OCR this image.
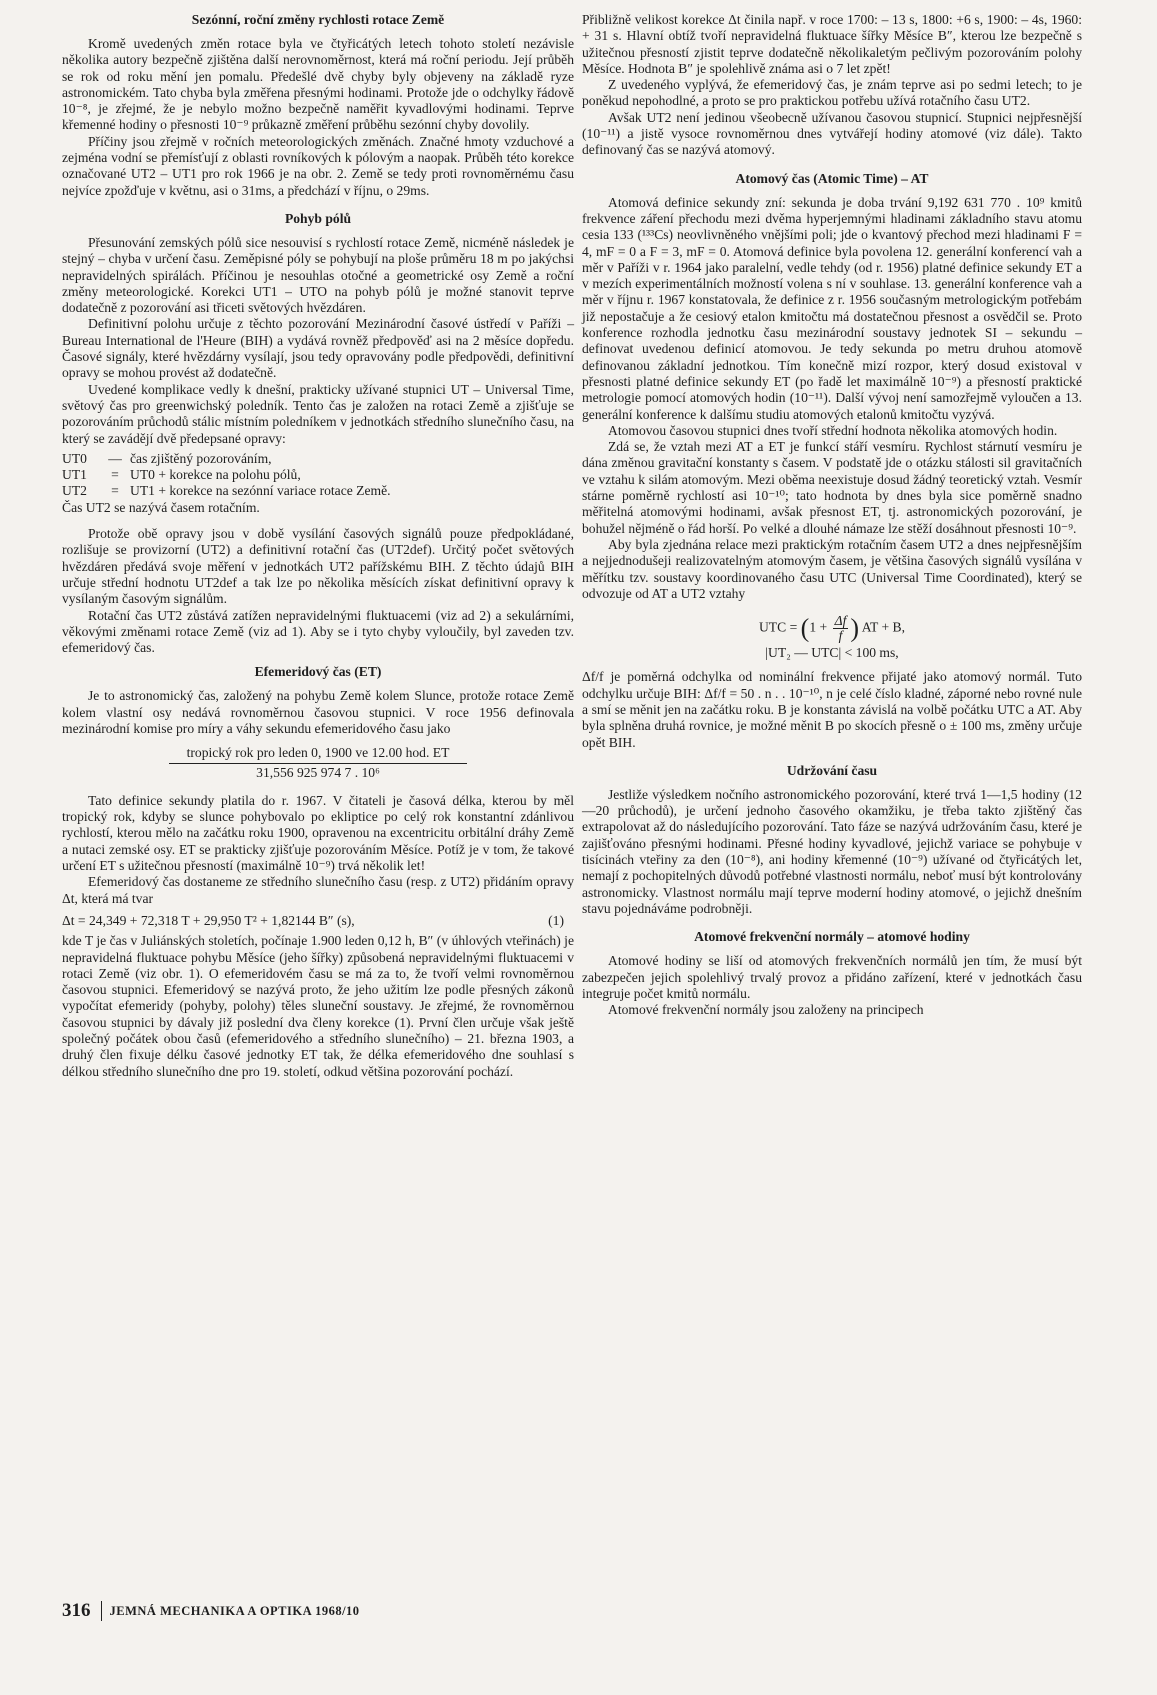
Sezónní, roční změny rychlosti rotace Země

Kromě uvedených změn rotace byla ve čtyřicátých letech tohoto století nezávisle několika autory bezpečně zjištěna další nerovnoměrnost, která má roční periodu. Její průběh se rok od roku mění jen pomalu. Předešlé dvě chyby byly objeveny na základě ryze astronomickém. Tato chyba byla změřena přesnými hodinami. Protože jde o odchylky řádově 10⁻⁸, je zřejmé, že je nebylo možno bezpečně naměřit kyvadlovými hodinami. Teprve křemenné hodiny o přesnosti 10⁻⁹ průkazně změření průběhu sezónní chyby dovolily.

Příčiny jsou zřejmě v ročních meteorologických změnách. Značné hmoty vzduchové a zejména vodní se přemísťují z oblasti rovníkových k pólovým a naopak. Průběh této korekce označované UT2 – UT1 pro rok 1966 je na obr. 2. Země se tedy proti rovnoměrnému času nejvíce zpožďuje v květnu, asi o 31ms, a předchází v říjnu, o 29ms.

Pohyb pólů

Přesunování zemských pólů sice nesouvisí s rychlostí rotace Země, nicméně následek je stejný – chyba v určení času. Zeměpisné póly se pohybují na ploše průměru 18 m po jakýchsi nepravidelných spirálách. Příčinou je nesouhlas otočné a geometrické osy Země a roční změny meteorologické. Korekci UT1 – UTO na pohyb pólů je možné stanovit teprve dodatečně z pozorování asi třiceti světových hvězdáren.

Definitivní polohu určuje z těchto pozorování Mezinárodní časové ústředí v Paříži – Bureau International de l'Heure (BIH) a vydává rovněž předpověď asi na 2 měsíce dopředu. Časové signály, které hvězdárny vysílají, jsou tedy opravovány podle předpovědi, definitivní opravy se mohou provést až dodatečně.

Uvedené komplikace vedly k dnešní, prakticky užívané stupnici UT – Universal Time, světový čas pro greenwichský poledník. Tento čas je založen na rotaci Země a zjišťuje se pozorováním průchodů stálic místním poledníkem v jednotkách středního slunečního času, na který se zavádějí dvě předepsané opravy:

UT0	— čas zjištěný pozorováním,
UT1	= UT0 + korekce na polohu pólů,
UT2	= UT1 + korekce na sezónní variace rotace Země.
Čas UT2 se nazývá časem rotačním.

Protože obě opravy jsou v době vysílání časových signálů pouze předpokládané, rozlišuje se provizorní (UT2) a definitivní rotační čas (UT2def). Určitý počet světových hvězdáren předává svoje měření v jednotkách UT2 pařížskému BIH. Z těchto údajů BIH určuje střední hodnotu UT2def a tak lze po několika měsících získat definitivní opravy k vysílaným časovým signálům.

Rotační čas UT2 zůstává zatížen nepravidelnými fluktuacemi (viz ad 2) a sekulárními, věkovými změnami rotace Země (viz ad 1). Aby se i tyto chyby vyloučily, byl zaveden tzv. efemeridový čas.

Efemeridový čas (ET)

Je to astronomický čas, založený na pohybu Země kolem Slunce, protože rotace Země kolem vlastní osy nedává rovnoměrnou časovou stupnici. V roce 1956 definovala mezinárodní komise pro míry a váhy sekundu efemeridového času jako

tropický rok pro leden 0, 1900 ve 12.00 hod. ET
31,556 925 974 7 . 10⁶

Tato definice sekundy platila do r. 1967. V čitateli je časová délka, kterou by měl tropický rok, kdyby se slunce pohybovalo po ekliptice po celý rok konstantní zdánlivou rychlostí, kterou mělo na začátku roku 1900, opravenou na excentricitu orbitální dráhy Země a nutaci zemské osy. ET se prakticky zjišťuje pozorováním Měsíce. Potíž je v tom, že takové určení ET s užitečnou přesností (maximálně 10⁻⁹) trvá několik let!

Efemeridový čas dostaneme ze středního slunečního času (resp. z UT2) přidáním opravy Δt, která má tvar

Δt = 24,349 + 72,318 T + 29,950 T² + 1,82144 B″ (s),	(1)

kde T je čas v Juliánských stoletích, počínaje 1.900 leden 0,12 h, B″ (v úhlových vteřinách) je nepravidelná fluktuace pohybu Měsíce (jeho šířky) způsobená nepravidelnými fluktuacemi v rotaci Země (viz obr. 1). O efemeridovém času se má za to, že tvoří velmi rovnoměrnou časovou stupnici. Efemeridový se nazývá proto, že jeho užitím lze podle přesných zákonů vypočítat efemeridy (pohyby, polohy) těles sluneční soustavy. Je zřejmé, že rovnoměrnou časovou stupnici by dávaly již poslední dva členy korekce (1). První člen určuje však ještě společný počátek obou časů (efemeridového a středního slunečního) – 21. března 1903, a druhý člen fixuje délku časové jednotky ET tak, že délka efemeridového dne souhlasí s délkou středního slunečního dne pro 19. století, odkud většina pozorování pochází.

Přibližně velikost korekce Δt činila např. v roce 1700: – 13 s, 1800: +6 s, 1900: – 4s, 1960: + 31 s. Hlavní obtíž tvoří nepravidelná fluktuace šířky Měsíce B″, kterou lze bezpečně s užitečnou přesností zjistit teprve dodatečně několikaletým pečlivým pozorováním polohy Měsíce. Hodnota B″ je spolehlivě známa asi o 7 let zpět!

Z uvedeného vyplývá, že efemeridový čas, je znám teprve asi po sedmi letech; to je poněkud nepohodlné, a proto se pro praktickou potřebu užívá rotačního času UT2.

Avšak UT2 není jedinou všeobecně užívanou časovou stupnicí. Stupnici nejpřesnější (10⁻¹¹) a jistě vysoce rovnoměrnou dnes vytvářejí hodiny atomové (viz dále). Takto definovaný čas se nazývá atomový.

Atomový čas (Atomic Time) – AT

Atomová definice sekundy zní: sekunda je doba trvání 9,192 631 770 . 10⁹ kmitů frekvence záření přechodu mezi dvěma hyperjemnými hladinami základního stavu atomu cesia 133 (¹³³Cs) neovlivněného vnějšími poli; jde o kvantový přechod mezi hladinami F = 4, mF = 0 a F = 3, mF = 0. Atomová definice byla povolena 12. generální konferencí vah a měr v Paříži v r. 1964 jako paralelní, vedle tehdy (od r. 1956) platné definice sekundy ET a v mezích experimentálních možností volena s ní v souhlase. 13. generální konference vah a měr v říjnu r. 1967 konstatovala, že definice z r. 1956 současným metrologickým potřebám již nepostačuje a že cesiový etalon kmitočtu má dostatečnou přesnost a osvědčil se. Proto konference rozhodla jednotku času mezinárodní soustavy jednotek SI – sekundu – definovat uvedenou definicí atomovou. Je tedy sekunda po metru druhou atomově definovanou základní jednotkou. Tím konečně mizí rozpor, který dosud existoval v přesnosti platné definice sekundy ET (po řadě let maximálně 10⁻⁹) a přesností praktické metrologie pomocí atomových hodin (10⁻¹¹). Další vývoj není samozřejmě vyloučen a 13. generální konference k dalšímu studiu atomových etalonů kmitočtu vyzývá.

Atomovou časovou stupnici dnes tvoří střední hodnota několika atomových hodin.

Zdá se, že vztah mezi AT a ET je funkcí stáří vesmíru. Rychlost stárnutí vesmíru je dána změnou gravitační konstanty s časem. V podstatě jde o otázku stálosti sil gravitačních ve vztahu k silám atomovým. Mezi oběma neexistuje dosud žádný teoretický vztah. Vesmír stárne poměrně rychlostí asi 10⁻¹⁰; tato hodnota by dnes byla sice poměrně snadno měřitelná atomovými hodinami, avšak přesnost ET, tj. astronomických pozorování, je bohužel nějméně o řád horší. Po velké a dlouhé námaze lze stěží dosáhnout přesnosti 10⁻⁹.

Aby byla zjednána relace mezi praktickým rotačním časem UT2 a dnes nejpřesnějším a nejjednodušeji realizovatelným atomovým časem, je většina časových signálů vysílána v měřítku tzv. soustavy koordinovaného času UTC (Universal Time Coordinated), který se odvozuje od AT a UT2 vztahy

UTC = ($1 + \frac{\Delta f}{f}$ ) AT + B,
|UT₂ — UTC| < 100 ms,

Δf/f je poměrná odchylka od nominální frekvence přijaté jako atomový normál. Tuto odchylku určuje BIH: Δf/f = 50 . n . . 10⁻¹⁰, n je celé číslo kladné, záporné nebo rovné nule a smí se měnit jen na začátku roku. B je konstanta závislá na volbě počátku UTC a AT. Aby byla splněna druhá rovnice, je možné měnit B po skocích přesně o ± 100 ms, změny určuje opět BIH.

Udržování času

Jestliže výsledkem nočního astronomického pozorování, které trvá 1—1,5 hodiny (12—20 průchodů), je určení jednoho časového okamžiku, je třeba takto zjištěný čas extrapolovat až do následujícího pozorování. Tato fáze se nazývá udržováním času, které je zajišťováno přesnými hodinami. Přesné hodiny kyvadlové, jejichž variace se pohybuje v tisícinách vteřiny za den (10⁻⁸), ani hodiny křemenné (10⁻⁹) užívané od čtyřicátých let, nemají z pochopitelných důvodů potřebné vlastnosti normálu, neboť musí být kontrolovány astronomicky. Vlastnost normálu mají teprve moderní hodiny atomové, o jejichž dnešním stavu pojednáváme podrobněji.

Atomové frekvenční normály – atomové hodiny

Atomové hodiny se liší od atomových frekvenčních normálů jen tím, že musí být zabezpečen jejich spolehlivý trvalý provoz a přidáno zařízení, které v jednotkách času integruje počet kmitů normálu.

Atomové frekvenční normály jsou založeny na principech

316 JEMNÁ MECHANIKA A OPTIKA 1968/10
